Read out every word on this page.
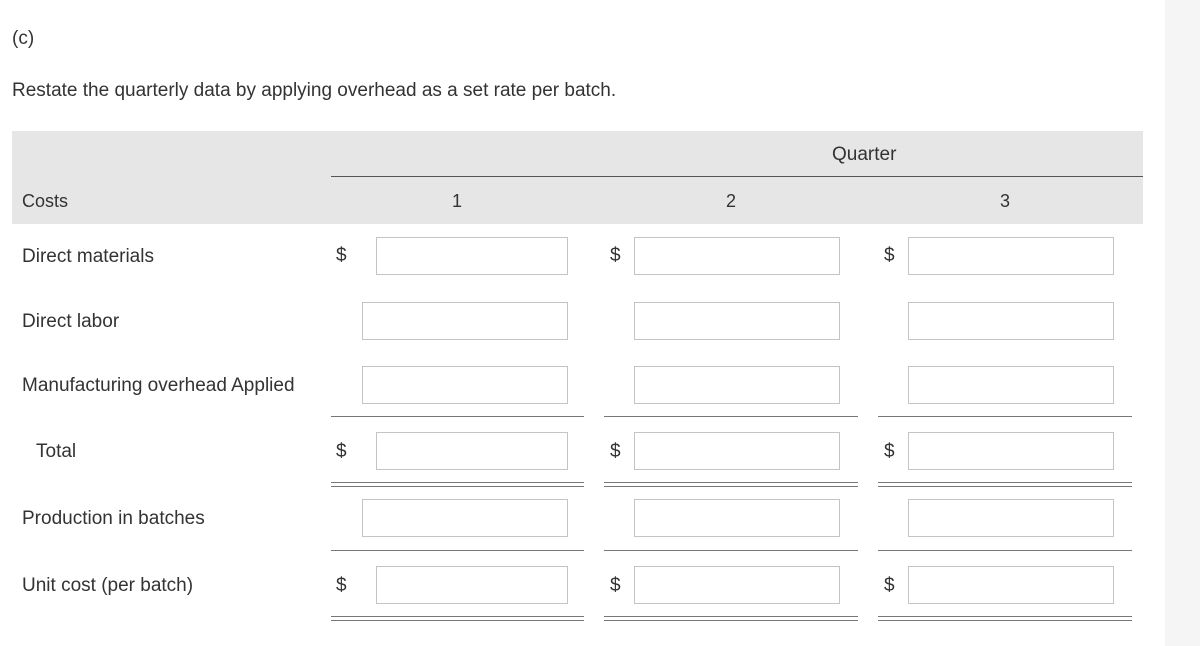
(c)
Restate the quarterly data by applying overhead as a set rate per batch.
Quarter
Costs	1	2	3
Direct materials	$	$	$
Direct labor
Manufacturing overhead Applied
Total	$	$	$
Production in batches
Unit cost (per batch)	$	$	$
